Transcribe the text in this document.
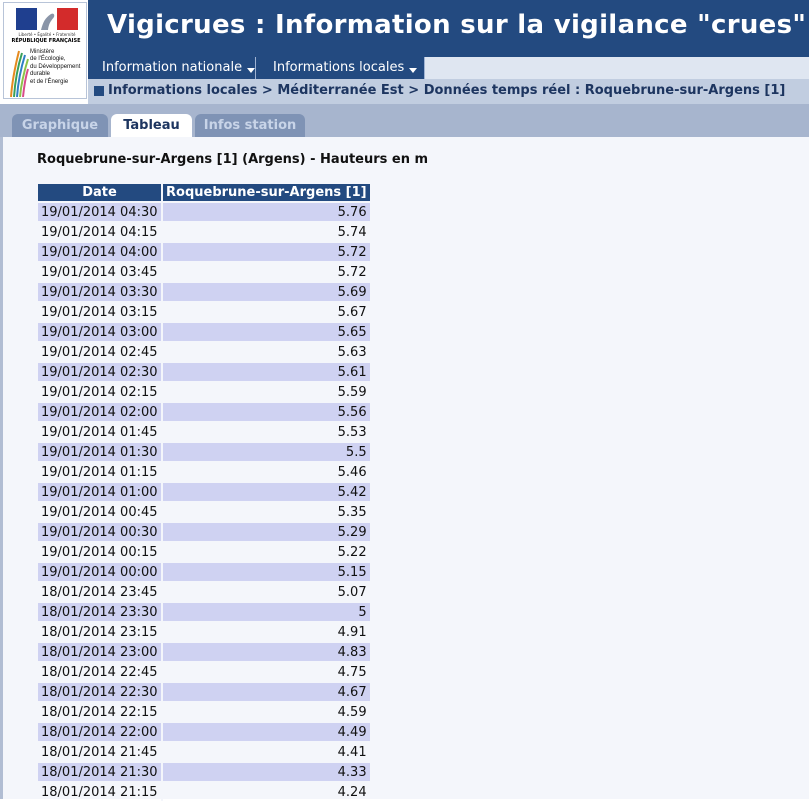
Liberté • Égalité • Fraternité
RÉPUBLIQUE FRANÇAISE
Ministère
de l'Écologie,
du Développement
durable
et de l'Énergie
Vigicrues : Information sur la vigilance "crues"
Information nationale	Informations locales
Informations locales > Méditerranée Est > Données temps réel : Roquebrune-sur-Argens [1]
Graphique	Tableau	Infos station
Roquebrune-sur-Argens [1] (Argens) - Hauteurs en m
Date	Roquebrune-sur-Argens [1]
19/01/2014 04:30	5.76
19/01/2014 04:15	5.74
19/01/2014 04:00	5.72
19/01/2014 03:45	5.72
19/01/2014 03:30	5.69
19/01/2014 03:15	5.67
19/01/2014 03:00	5.65
19/01/2014 02:45	5.63
19/01/2014 02:30	5.61
19/01/2014 02:15	5.59
19/01/2014 02:00	5.56
19/01/2014 01:45	5.53
19/01/2014 01:30	5.5
19/01/2014 01:15	5.46
19/01/2014 01:00	5.42
19/01/2014 00:45	5.35
19/01/2014 00:30	5.29
19/01/2014 00:15	5.22
19/01/2014 00:00	5.15
18/01/2014 23:45	5.07
18/01/2014 23:30	5
18/01/2014 23:15	4.91
18/01/2014 23:00	4.83
18/01/2014 22:45	4.75
18/01/2014 22:30	4.67
18/01/2014 22:15	4.59
18/01/2014 22:00	4.49
18/01/2014 21:45	4.41
18/01/2014 21:30	4.33
18/01/2014 21:15	4.24
